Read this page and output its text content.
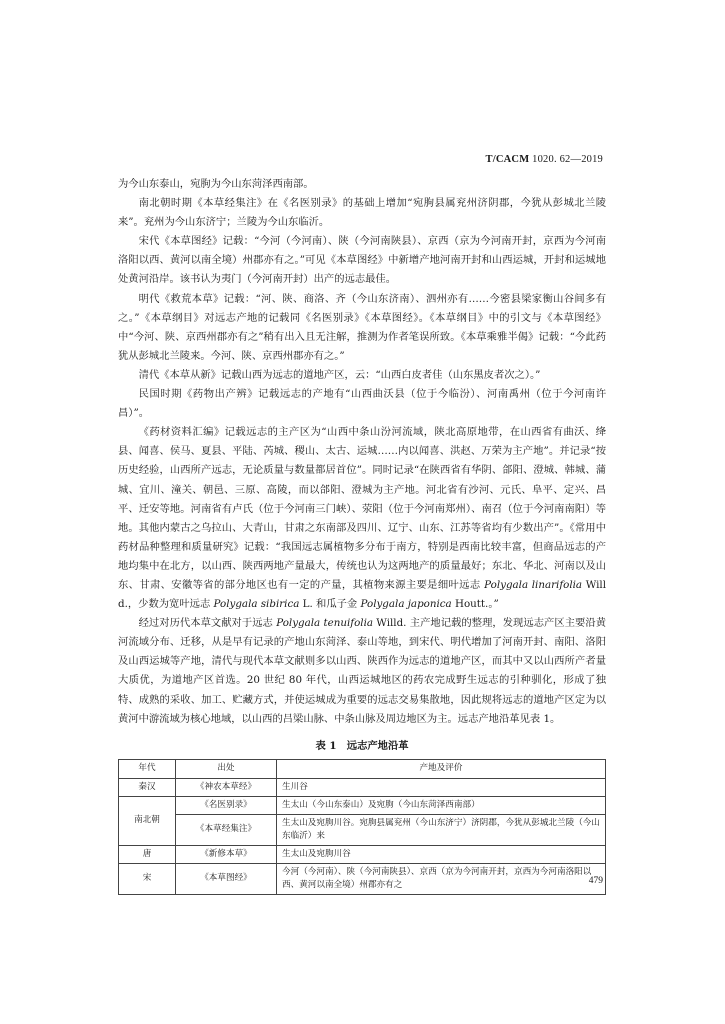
T/CACM 1020. 62—2019

为今山东泰山，宛朐为今山东菏泽西南部。

南北朝时期《本草经集注》在《名医别录》的基础上增加“宛朐县属兖州济阴郡，今犹从彭城北兰陵来”。兖州为今山东济宁；兰陵为今山东临沂。

宋代《本草图经》记载：“今河（今河南）、陕（今河南陕县）、京西（京为今河南开封，京西为今河南洛阳以西、黄河以南全境）州郡亦有之。”可见《本草图经》中新增产地河南开封和山西运城，开封和运城地处黄河沿岸。该书认为夷门（今河南开封）出产的远志最佳。

明代《救荒本草》记载：“河、陕、商洛、齐（今山东济南）、泗州亦有……今密县梁家衡山谷间多有之。”《本草纲目》对远志产地的记载同《名医别录》《本草图经》。《本草纲目》中的引文与《本草图经》中“今河、陕、京西州郡亦有之”稍有出入且无注解，推测为作者笔误所致。《本草乘雅半偈》记载：“今此药犹从彭城北兰陵来。今河、陕、京西州郡亦有之。”

清代《本草从新》记载山西为远志的道地产区，云：“山西白皮者佳（山东黑皮者次之）。”

民国时期《药物出产辨》记载远志的产地有“山西曲沃县（位于今临汾）、河南禹州（位于今河南许昌）”。

《药材资料汇编》记载远志的主产区为“山西中条山汾河流域，陕北高原地带，在山西省有曲沃、绛县、闻喜、侯马、夏县、平陆、芮城、稷山、太古、运城……内以闻喜、洪赵、万荣为主产地”。并记录“按历史经验，山西所产远志，无论质量与数量都居首位”。同时记录“在陕西省有华阴、郃阳、澄城、韩城、蒲城、宜川、潼关、朝邑、三原、高陵，而以郃阳、澄城为主产地。河北省有沙河、元氏、阜平、定兴、昌平、迁安等地。河南省有卢氏（位于今河南三门峡）、荥阳（位于今河南郑州）、南召（位于今河南南阳）等地。其他内蒙古之乌拉山、大青山，甘肃之东南部及四川、辽宁、山东、江苏等省均有少数出产”。《常用中药材品种整理和质量研究》记载：“我国远志属植物多分布于南方，特别是西南比较丰富，但商品远志的产地均集中在北方，以山西、陕西两地产量最大，传统也认为这两地产的质量最好；东北、华北、河南以及山东、甘肃、安徽等省的部分地区也有一定的产量，其植物来源主要是细叶远志 Polygala linarifolia Willd.，少数为宽叶远志 Polygala sibirica L. 和瓜子金 Polygala japonica Houtt.。”

经过对历代本草文献对于远志 Polygala tenuifolia Willd. 主产地记载的整理，发现远志产区主要沿黄河流域分布、迁移，从是早有记录的产地山东菏泽、泰山等地，到宋代、明代增加了河南开封、南阳、洛阳及山西运城等产地，清代与现代本草文献则多以山西、陕西作为远志的道地产区，而其中又以山西所产者量大质优，为道地产区首选。20 世纪 80 年代，山西运城地区的药农完成野生远志的引种驯化，形成了独特、成熟的采收、加工、贮藏方式，并使运城成为重要的远志交易集散地，因此规将远志的道地产区定为以黄河中游流域为核心地域，以山西的吕梁山脉、中条山脉及周边地区为主。远志产地沿革见表 1。

表 1　远志产地沿革
年代	出处	产地及评价
秦汉	《神农本草经》	生川谷
南北朝	《名医别录》	生太山（今山东泰山）及宛朐（今山东菏泽西南部）
	《本草经集注》	生太山及宛朐川谷。宛朐县属兖州（今山东济宁）济阴郡，今犹从彭城北兰陵（今山东临沂）来
唐	《新修本草》	生太山及宛朐川谷
宋	《本草图经》	今河（今河南）、陕（今河南陕县）、京西（京为今河南开封，京西为今河南洛阳以西、黄河以南全境）州郡亦有之	479
